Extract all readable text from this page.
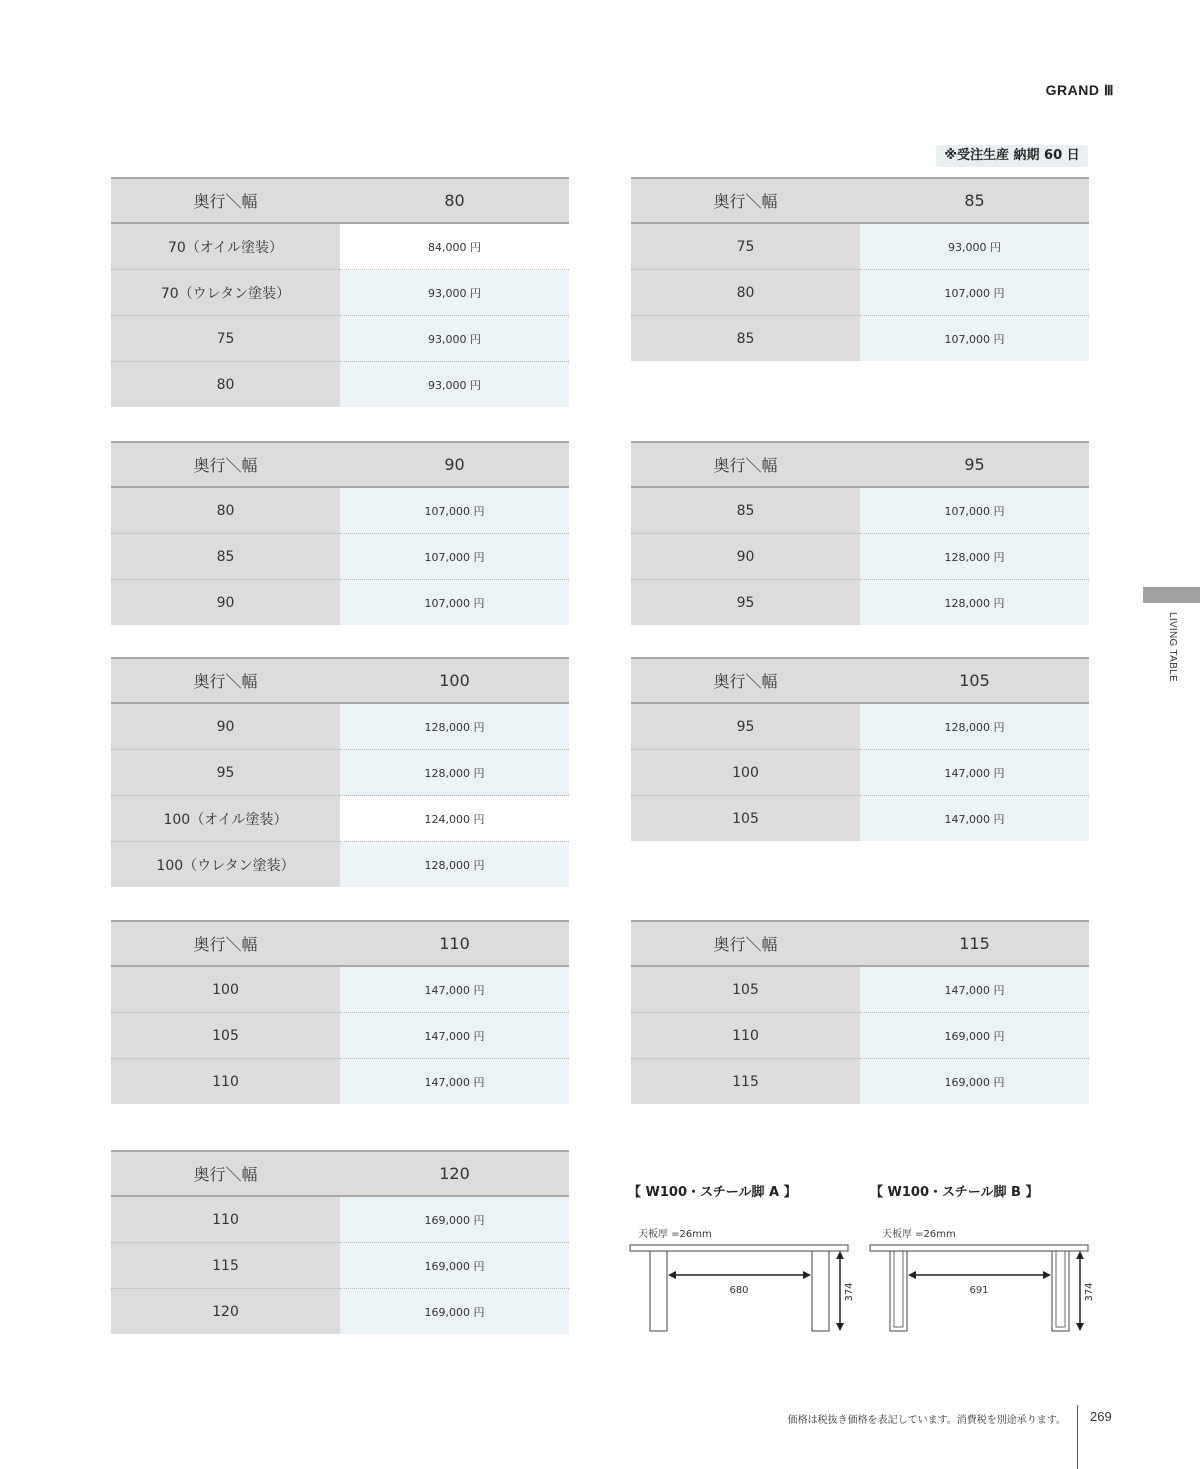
GRAND Ⅲ
※受注生産 納期 60 日
奥行＼幅	80
70（オイル塗装）	84,000 円
70（ウレタン塗装）	93,000 円
75	93,000 円
80	93,000 円
奥行＼幅	85
75	93,000 円
80	107,000 円
85	107,000 円
奥行＼幅	90
80	107,000 円
85	107,000 円
90	107,000 円
奥行＼幅	95
85	107,000 円
90	128,000 円
95	128,000 円
奥行＼幅	100
90	128,000 円
95	128,000 円
100（オイル塗装）	124,000 円
100（ウレタン塗装）	128,000 円
奥行＼幅	105
95	128,000 円
100	147,000 円
105	147,000 円
奥行＼幅	110
100	147,000 円
105	147,000 円
110	147,000 円
奥行＼幅	115
105	147,000 円
110	169,000 円
115	169,000 円
奥行＼幅	120
110	169,000 円
115	169,000 円
120	169,000 円
LIVING TABLE
【 W100・スチール脚 A 】
天板厚 =26mm
680	374
【 W100・スチール脚 B 】
天板厚 =26mm
691	374
価格は税抜き価格を表記しています。消費税を別途承ります。 269
